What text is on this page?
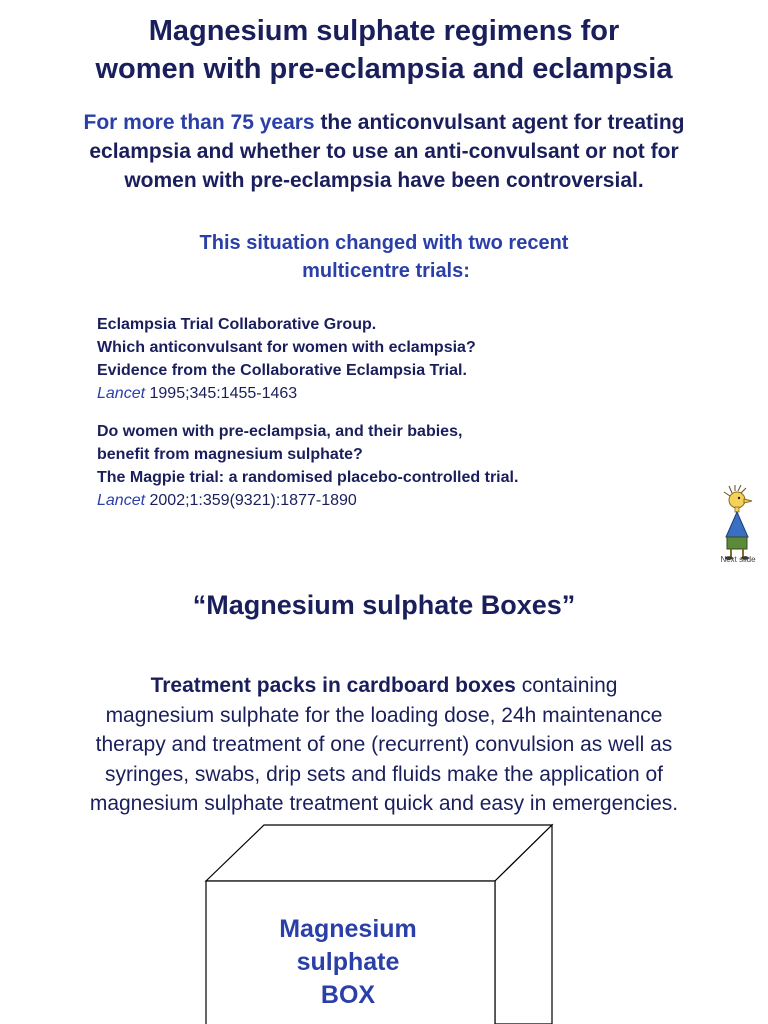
Magnesium sulphate regimens for
women with pre-eclampsia and eclampsia
For more than 75 years the anticonvulsant agent for treating
eclampsia and whether to use an anti-convulsant or not for
women with pre-eclampsia have been controversial.
This situation changed with two recent
multicentre trials:
Eclampsia Trial Collaborative Group.
Which anticonvulsant for women with eclampsia?
Evidence from the Collaborative Eclampsia Trial.
Lancet 1995;345:1455-1463
Do women with pre-eclampsia, and their babies,
benefit from magnesium sulphate?
The Magpie trial: a randomised placebo-controlled trial.
Lancet 2002;1:359(9321):1877-1890
Next slide
“Magnesium sulphate Boxes”
Treatment packs in cardboard boxes containing
magnesium sulphate for the loading dose, 24h maintenance
therapy and treatment of one (recurrent) convulsion as well as
syringes, swabs, drip sets and fluids make the application of
magnesium sulphate treatment quick and easy in emergencies.
Magnesium
sulphate
BOX
